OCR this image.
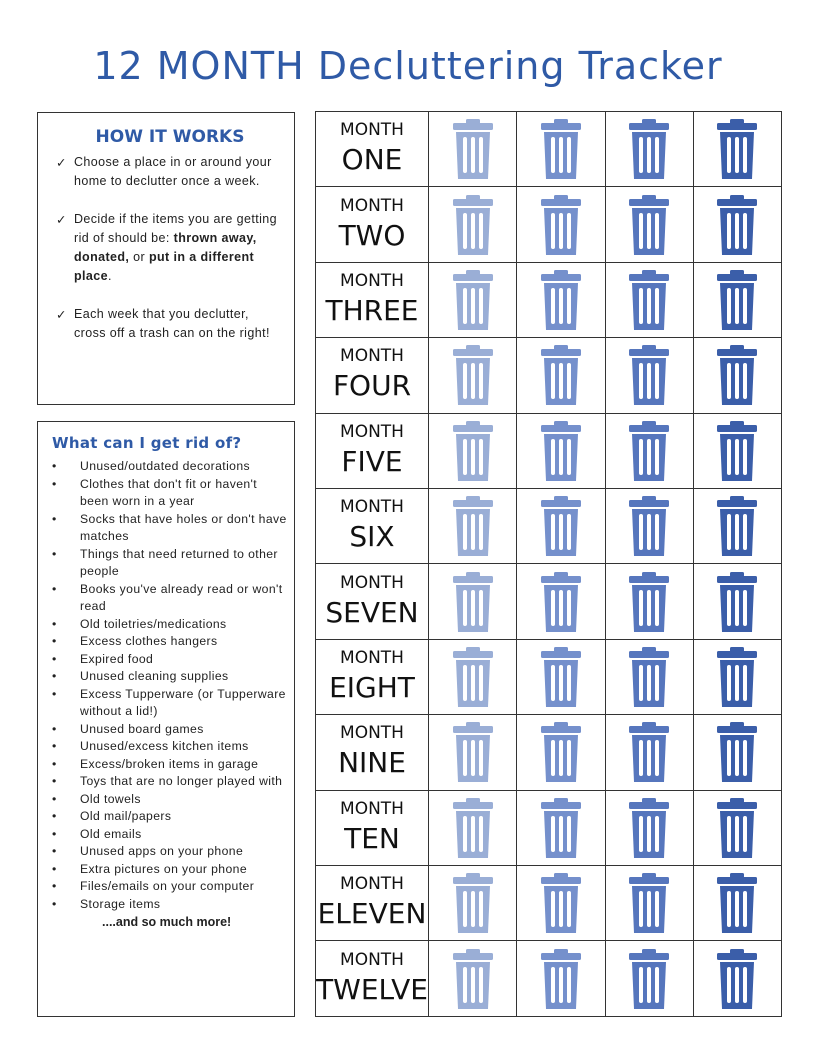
12 MONTH Decluttering Tracker
HOW IT WORKS
✓ Choose a place in or around your home to declutter once a week.
✓ Decide if the items you are getting rid of should be: thrown away, donated, or put in a different place.
✓ Each week that you declutter, cross off a trash can on the right!
What can I get rid of?
•	Unused/outdated decorations
•	Clothes that don't fit or haven't been worn in a year
•	Socks that have holes or don't have matches
•	Things that need returned to other people
•	Books you've already read or won't read
•	Old toiletries/medications
•	Excess clothes hangers
•	Expired food
•	Unused cleaning supplies
•	Excess Tupperware (or Tupperware without a lid!)
•	Unused board games
•	Unused/excess kitchen items
•	Excess/broken items in garage
•	Toys that are no longer played with
•	Old towels
•	Old mail/papers
•	Old emails
•	Unused apps on your phone
•	Extra pictures on your phone
•	Files/emails on your computer
•	Storage items
....and so much more!
MONTH
ONE

MONTH
TWO

MONTH
THREE

MONTH
FOUR

MONTH
FIVE

MONTH
SIX

MONTH
SEVEN

MONTH
EIGHT

MONTH
NINE

MONTH
TEN

MONTH
ELEVEN

MONTH
TWELVE
